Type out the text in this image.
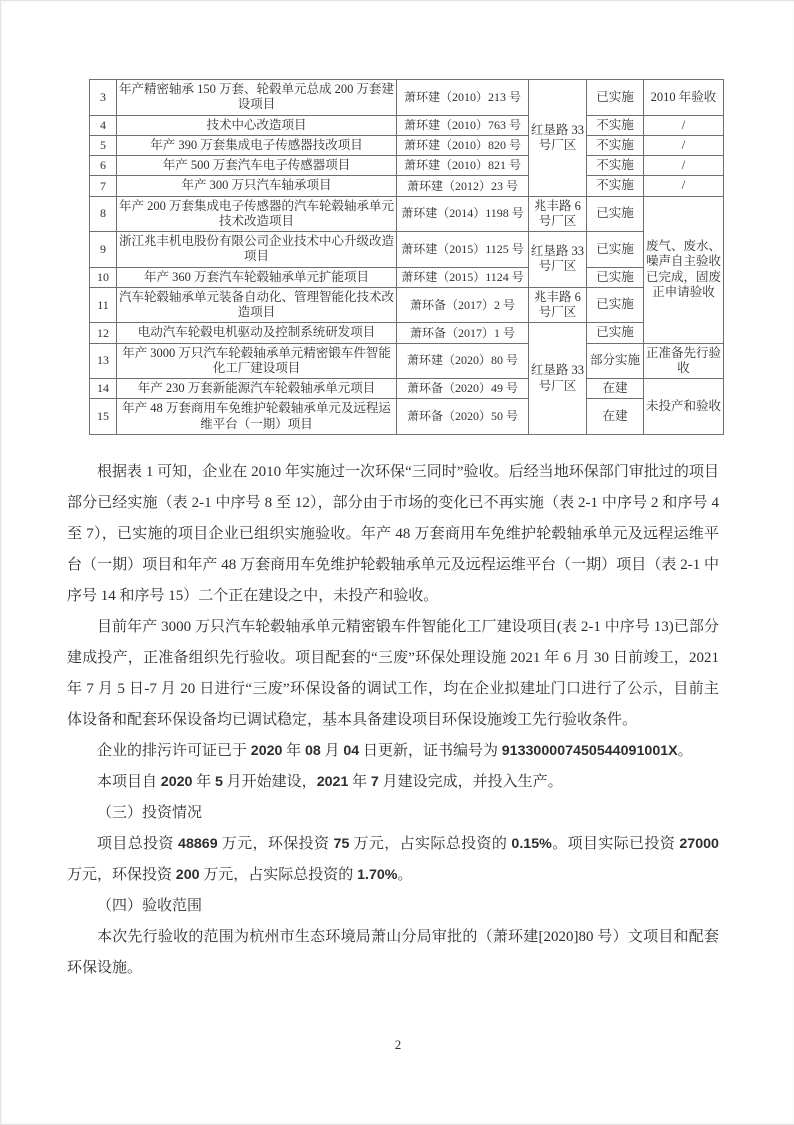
3	年产精密轴承 150 万套、轮毂单元总成 200 万套建设项目	萧环建（2010）213 号	红垦路 33 号厂区	已实施	2010 年验收
4	技术中心改造项目	萧环建（2010）763 号		不实施	/
5	年产 390 万套集成电子传感器技改项目	萧环建（2010）820 号		不实施	/
6	年产 500 万套汽车电子传感器项目	萧环建（2010）821 号		不实施	/
7	年产 300 万只汽车轴承项目	萧环建（2012）23 号		不实施	/
8	年产 200 万套集成电子传感器的汽车轮毂轴承单元技术改造项目	萧环建（2014）1198 号	兆丰路 6 号厂区	已实施	废气、废水、噪声自主验收已完成，固废正申请验收
9	浙江兆丰机电股份有限公司企业技术中心升级改造项目	萧环建（2015）1125 号	红垦路 33 号厂区	已实施	
10	年产 360 万套汽车轮毂轴承单元扩能项目	萧环建（2015）1124 号		已实施	
11	汽车轮毂轴承单元装备自动化、管理智能化技术改造项目	萧环备（2017）2 号	兆丰路 6 号厂区	已实施	
12	电动汽车轮毂电机驱动及控制系统研发项目	萧环备（2017）1 号	红垦路 33 号厂区	已实施	
13	年产 3000 万只汽车轮毂轴承单元精密锻车件智能化工厂建设项目	萧环建（2020）80 号		部分实施	正准备先行验收
14	年产 230 万套新能源汽车轮毂轴承单元项目	萧环备（2020）49 号		在建	未投产和验收
15	年产 48 万套商用车免维护轮毂轴承单元及远程运维平台（一期）项目	萧环备（2020）50 号		在建	

根据表 1 可知，企业在 2010 年实施过一次环保“三同时”验收。后经当地环保部门审批过的项目部分已经实施（表 2-1 中序号 8 至 12），部分由于市场的变化已不再实施（表 2-1 中序号 2 和序号 4 至 7），已实施的项目企业已组织实施验收。年产 48 万套商用车免维护轮毂轴承单元及远程运维平台（一期）项目和年产 48 万套商用车免维护轮毂轴承单元及远程运维平台（一期）项目（表 2-1 中序号 14 和序号 15）二个正在建设之中，未投产和验收。

目前年产 3000 万只汽车轮毂轴承单元精密锻车件智能化工厂建设项目(表 2-1 中序号 13)已部分建成投产，正准备组织先行验收。项目配套的“三废”环保处理设施 2021 年 6 月 30 日前竣工，2021 年 7 月 5 日-7 月 20 日进行“三废”环保设备的调试工作，均在企业拟建址门口进行了公示，目前主体设备和配套环保设备均已调试稳定，基本具备建设项目环保设施竣工先行验收条件。

企业的排污许可证已于 2020 年 08 月 04 日更新，证书编号为 913300007450544091001X。

本项目自 2020 年 5 月开始建设，2021 年 7 月建设完成，并投入生产。

（三）投资情况

项目总投资 48869 万元，环保投资 75 万元，占实际总投资的 0.15%。项目实际已投资 27000 万元，环保投资 200 万元，占实际总投资的 1.70%。

（四）验收范围

本次先行验收的范围为杭州市生态环境局萧山分局审批的（萧环建[2020]80 号）文项目和配套环保设施。

2
